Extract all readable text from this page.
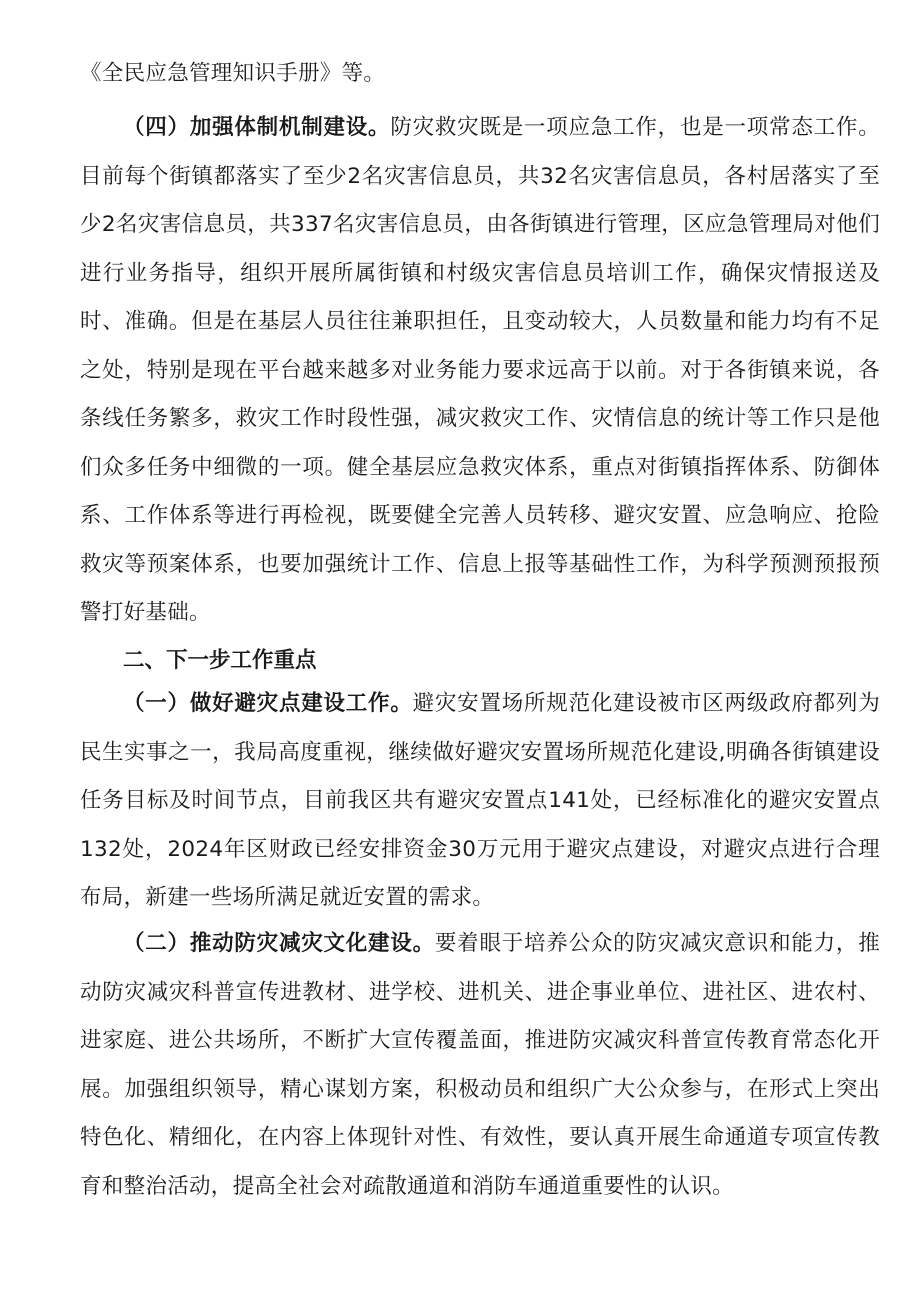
《全民应急管理知识手册》等。

（四）加强体制机制建设。防灾救灾既是一项应急工作，也是一项常态工作。目前每个街镇都落实了至少2名灾害信息员，共32名灾害信息员，各村居落实了至少2名灾害信息员，共337名灾害信息员，由各街镇进行管理，区应急管理局对他们进行业务指导，组织开展所属街镇和村级灾害信息员培训工作，确保灾情报送及时、准确。但是在基层人员往往兼职担任，且变动较大，人员数量和能力均有不足之处，特别是现在平台越来越多对业务能力要求远高于以前。对于各街镇来说，各条线任务繁多，救灾工作时段性强，减灾救灾工作、灾情信息的统计等工作只是他们众多任务中细微的一项。健全基层应急救灾体系，重点对街镇指挥体系、防御体系、工作体系等进行再检视，既要健全完善人员转移、避灾安置、应急响应、抢险救灾等预案体系，也要加强统计工作、信息上报等基础性工作，为科学预测预报预警打好基础。

二、下一步工作重点

（一）做好避灾点建设工作。避灾安置场所规范化建设被市区两级政府都列为民生实事之一，我局高度重视，继续做好避灾安置场所规范化建设,明确各街镇建设任务目标及时间节点，目前我区共有避灾安置点141处，已经标准化的避灾安置点132处，2024年区财政已经安排资金30万元用于避灾点建设，对避灾点进行合理布局，新建一些场所满足就近安置的需求。

（二）推动防灾减灾文化建设。要着眼于培养公众的防灾减灾意识和能力，推动防灾减灾科普宣传进教材、进学校、进机关、进企事业单位、进社区、进农村、进家庭、进公共场所，不断扩大宣传覆盖面，推进防灾减灾科普宣传教育常态化开展。加强组织领导，精心谋划方案，积极动员和组织广大公众参与，在形式上突出特色化、精细化，在内容上体现针对性、有效性，要认真开展生命通道专项宣传教育和整治活动，提高全社会对疏散通道和消防车通道重要性的认识。
